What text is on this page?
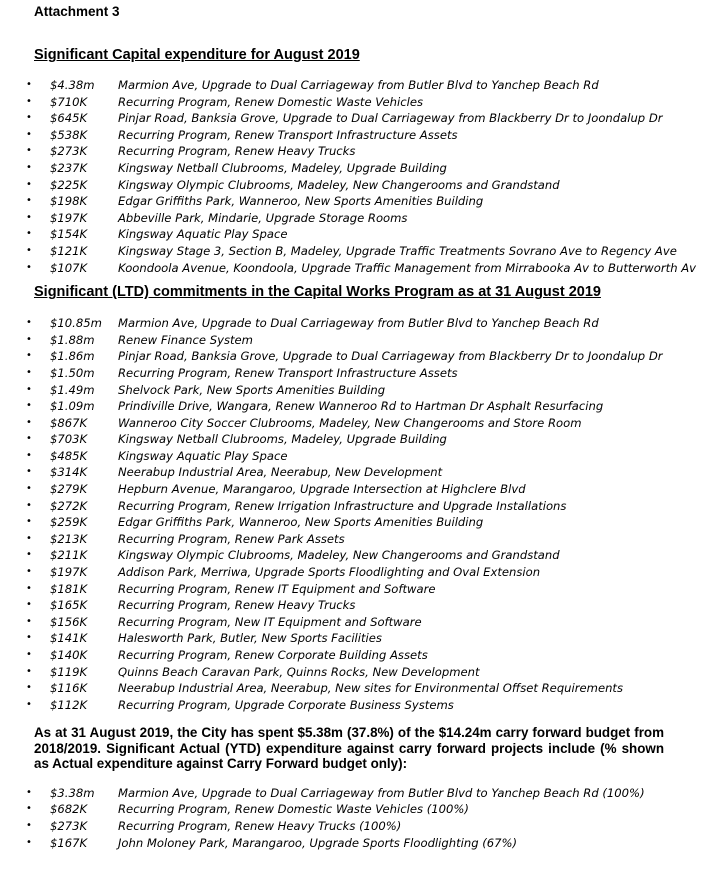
Attachment 3

Significant Capital expenditure for August 2019

• $4.38m Marmion Ave, Upgrade to Dual Carriageway from Butler Blvd to Yanchep Beach Rd
• $710K	Recurring Program, Renew Domestic Waste Vehicles
• $645K	Pinjar Road, Banksia Grove, Upgrade to Dual Carriageway from Blackberry Dr to Joondalup Dr
• $538K	Recurring Program, Renew Transport Infrastructure Assets
• $273K	Recurring Program, Renew Heavy Trucks
• $237K	Kingsway Netball Clubrooms, Madeley, Upgrade Building
• $225K	Kingsway Olympic Clubrooms, Madeley, New Changerooms and Grandstand
• $198K	Edgar Griffiths Park, Wanneroo, New Sports Amenities Building
• $197K	Abbeville Park, Mindarie, Upgrade Storage Rooms
• $154K	Kingsway Aquatic Play Space
• $121K	Kingsway Stage 3, Section B, Madeley, Upgrade Traffic Treatments Sovrano Ave to Regency Ave
• $107K	Koondoola Avenue, Koondoola, Upgrade Traffic Management from Mirrabooka Av to Butterworth Av

Significant (LTD) commitments in the Capital Works Program as at 31 August 2019

• $10.85m Marmion Ave, Upgrade to Dual Carriageway from Butler Blvd to Yanchep Beach Rd
• $1.88m Renew Finance System
• $1.86m Pinjar Road, Banksia Grove, Upgrade to Dual Carriageway from Blackberry Dr to Joondalup Dr
• $1.50m Recurring Program, Renew Transport Infrastructure Assets
• $1.49m Shelvock Park, New Sports Amenities Building
• $1.09m Prindiville Drive, Wangara, Renew Wanneroo Rd to Hartman Dr Asphalt Resurfacing
• $867K	Wanneroo City Soccer Clubrooms, Madeley, New Changerooms and Store Room
• $703K	Kingsway Netball Clubrooms, Madeley, Upgrade Building
• $485K	Kingsway Aquatic Play Space
• $314K	Neerabup Industrial Area, Neerabup, New Development
• $279K	Hepburn Avenue, Marangaroo, Upgrade Intersection at Highclere Blvd
• $272K	Recurring Program, Renew Irrigation Infrastructure and Upgrade Installations
• $259K	Edgar Griffiths Park, Wanneroo, New Sports Amenities Building
• $213K	Recurring Program, Renew Park Assets
• $211K	Kingsway Olympic Clubrooms, Madeley, New Changerooms and Grandstand
• $197K	Addison Park, Merriwa, Upgrade Sports Floodlighting and Oval Extension
• $181K	Recurring Program, Renew IT Equipment and Software
• $165K	Recurring Program, Renew Heavy Trucks
• $156K	Recurring Program, New IT Equipment and Software
• $141K	Halesworth Park, Butler, New Sports Facilities
• $140K	Recurring Program, Renew Corporate Building Assets
• $119K	Quinns Beach Caravan Park, Quinns Rocks, New Development
• $116K	Neerabup Industrial Area, Neerabup, New sites for Environmental Offset Requirements
• $112K	Recurring Program, Upgrade Corporate Business Systems

As at 31 August 2019, the City has spent $5.38m (37.8%) of the $14.24m carry forward budget from 2018/2019. Significant Actual (YTD) expenditure against carry forward projects include (% shown as Actual expenditure against Carry Forward budget only):

• $3.38m Marmion Ave, Upgrade to Dual Carriageway from Butler Blvd to Yanchep Beach Rd (100%)
• $682K	Recurring Program, Renew Domestic Waste Vehicles (100%)
• $273K	Recurring Program, Renew Heavy Trucks (100%)
• $167K	John Moloney Park, Marangaroo, Upgrade Sports Floodlighting (67%)
